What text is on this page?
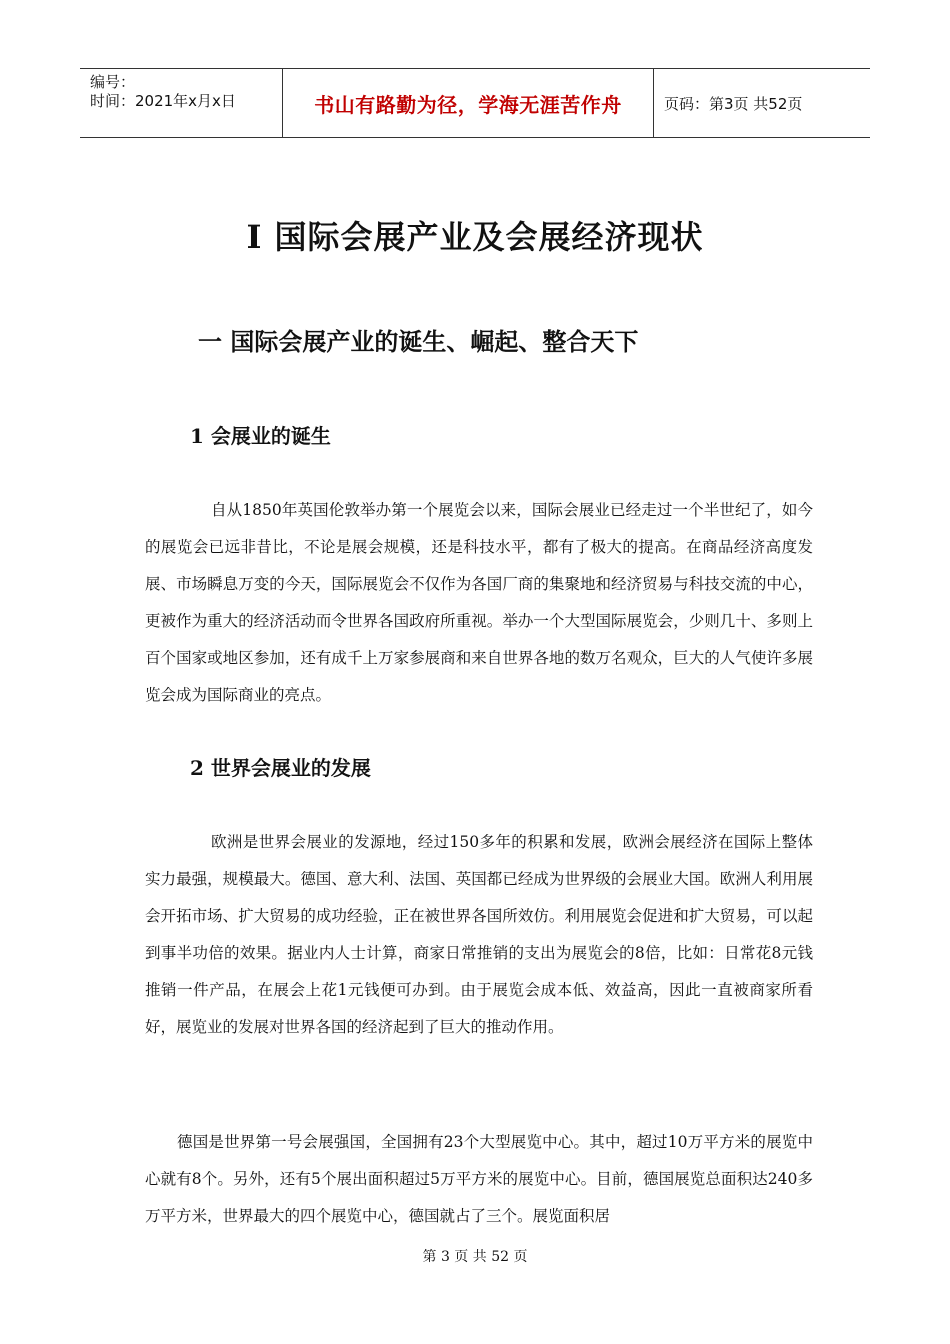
编号：
时间：2021年x月x日	书山有路勤为径，学海无涯苦作舟	页码：第3页 共52页
I 国际会展产业及会展经济现状
一 国际会展产业的诞生、崛起、整合天下
1 会展业的诞生

自从1850年英国伦敦举办第一个展览会以来，国际会展业已经走过一个半世纪了，如今的展览会已远非昔比，不论是展会规模，还是科技水平，都有了极大的提高。在商品经济高度发展、市场瞬息万变的今天，国际展览会不仅作为各国厂商的集聚地和经济贸易与科技交流的中心，更被作为重大的经济活动而令世界各国政府所重视。举办一个大型国际展览会，少则几十、多则上百个国家或地区参加，还有成千上万家参展商和来自世界各地的数万名观众，巨大的人气使许多展览会成为国际商业的亮点。

2 世界会展业的发展

欧洲是世界会展业的发源地，经过150多年的积累和发展，欧洲会展经济在国际上整体实力最强，规模最大。德国、意大利、法国、英国都已经成为世界级的会展业大国。欧洲人利用展会开拓市场、扩大贸易的成功经验，正在被世界各国所效仿。利用展览会促进和扩大贸易，可以起到事半功倍的效果。据业内人士计算，商家日常推销的支出为展览会的8倍，比如：日常花8元钱推销一件产品，在展会上花1元钱便可办到。由于展览会成本低、效益高，因此一直被商家所看好，展览业的发展对世界各国的经济起到了巨大的推动作用。

德国是世界第一号会展强国，全国拥有23个大型展览中心。其中，超过10万平方米的展览中心就有8个。另外，还有5个展出面积超过5万平方米的展览中心。目前，德国展览总面积达240多万平方米，世界最大的四个展览中心，德国就占了三个。展览面积居

第 3 页 共 52 页
